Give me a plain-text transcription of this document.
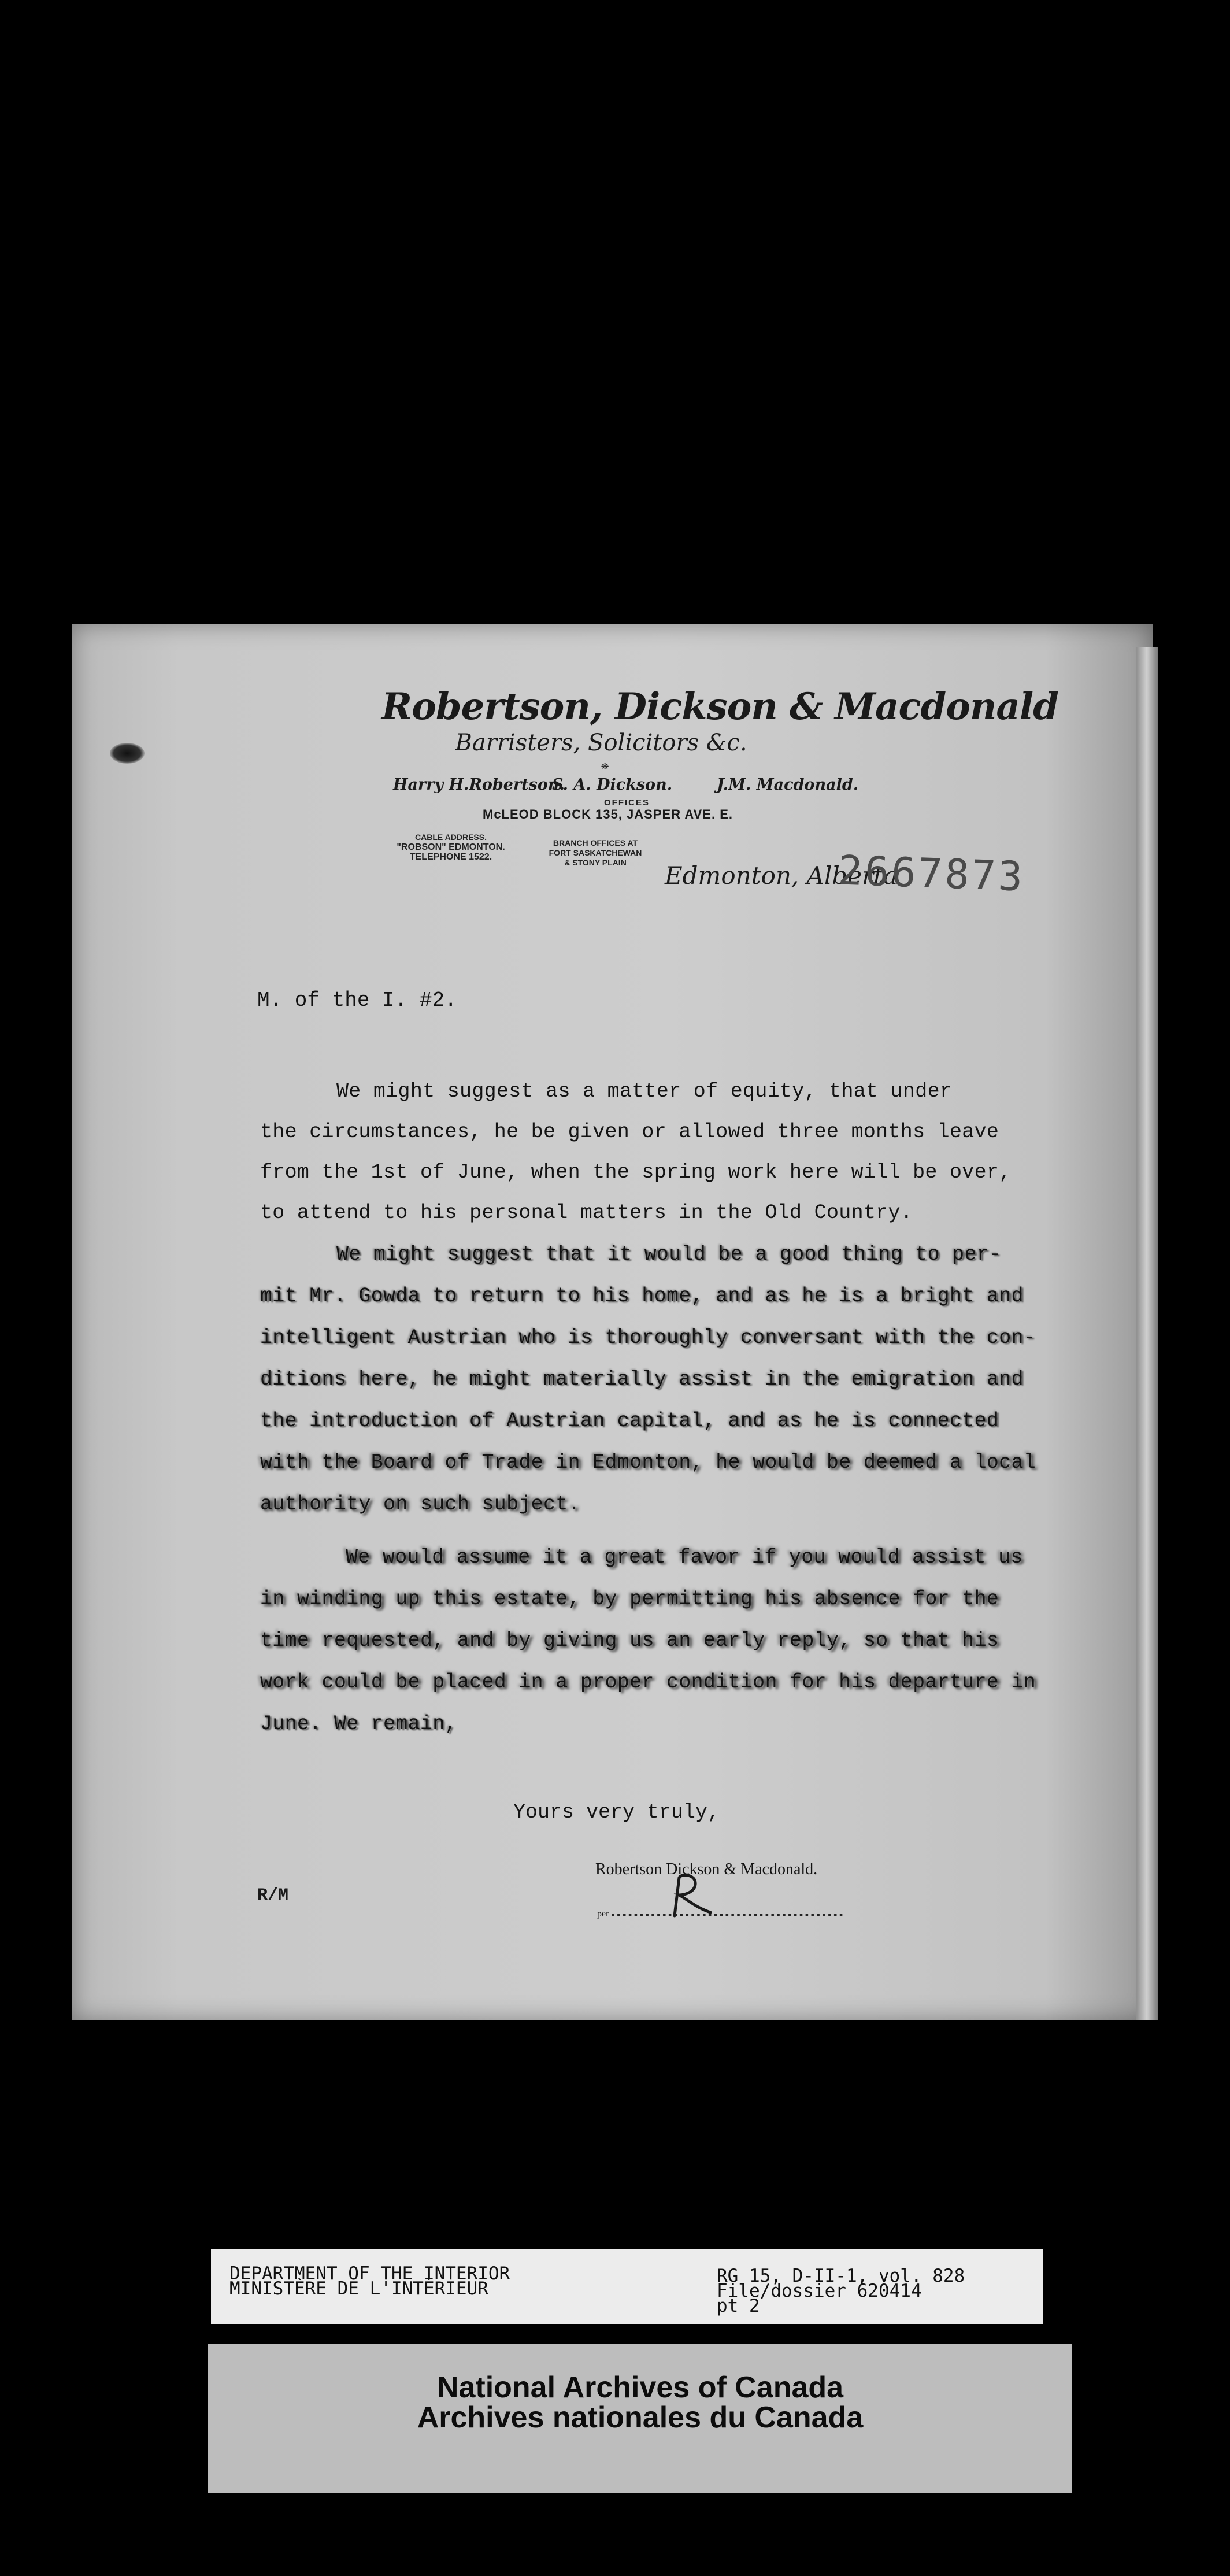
Robertson, Dickson & Macdonald
Barristers, Solicitors &c.
❋
Harry H.Robertson.
S. A. Dickson.	J.M. Macdonald.
OFFICES
McLEOD BLOCK 135, JASPER AVE. E.
CABLE ADDRESS.
"ROBSON" EDMONTON.
TELEPHONE 1522.
BRANCH OFFICES AT
FORT SASKATCHEWAN
& STONY PLAIN	Edmonton, Alberta
2667873
M. of the I. #2.
We might suggest as a matter of equity, that under
the circumstances, he be given or allowed three months leave
from the 1st of June, when the spring work here will be over,
to attend to his personal matters in the Old Country.
We might suggest that it would be a good thing to per-
mit Mr. Gowda to return to his home, and as he is a bright and
intelligent Austrian who is thoroughly conversant with the con-
ditions here, he might materially assist in the emigration and
the introduction of Austrian capital, and as he is connected
with the Board of Trade in Edmonton, he would be deemed a local
authority on such subject.
We would assume it a great favor if you would assist us
in winding up this estate, by permitting his absence for the
time requested, and by giving us an early reply, so that his
work could be placed in a proper condition for his departure in
June. We remain,
Yours very truly,
Robertson Dickson & Macdonald.
per
R/M
DEPARTMENT OF THE INTERIOR
MINISTÈRE DE L'INTÉRIEUR
RG 15, D-II-1, vol. 828
File/dossier 620414
pt 2
National Archives of Canada
Archives nationales du Canada
